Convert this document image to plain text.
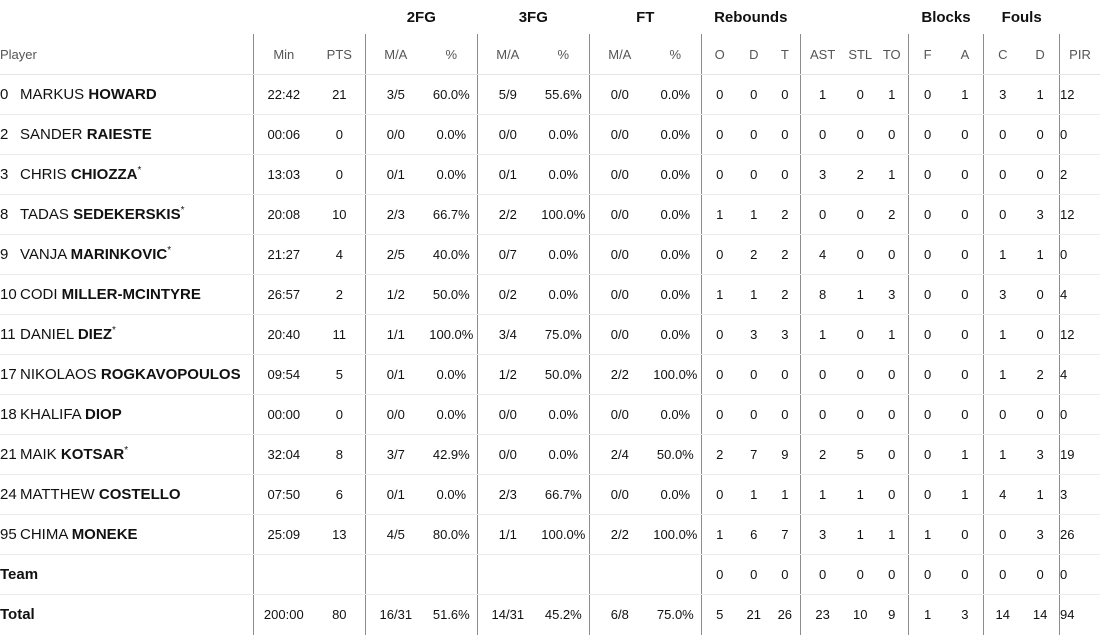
			2FG		3FG		FT		Rebounds						Blocks		Fouls		
Player	Min	PTS	M/A	%	M/A	%	M/A	%	O	D	T	AST	STL	TO	F	A	C	D	PIR
0 MARKUS HOWARD	22:42	21	3/5	60.0%	5/9	55.6%	0/0	0.0%	0	0	0	1	0	1	0	1	3	1	12
2 SANDER RAIESTE	00:06	0	0/0	0.0%	0/0	0.0%	0/0	0.0%	0	0	0	0	0	0	0	0	0	0	0
3 CHRIS CHIOZZA*	13:03	0	0/1	0.0%	0/1	0.0%	0/0	0.0%	0	0	0	3	2	1	0	0	0	0	2
8 TADAS SEDEKERSKIS*	20:08	10	2/3	66.7%	2/2	100.0%	0/0	0.0%	1	1	2	0	0	2	0	0	0	3	12
9 VANJA MARINKOVIC*	21:27	4	2/5	40.0%	0/7	0.0%	0/0	0.0%	0	2	2	4	0	0	0	0	1	1	0
10 CODI MILLER-MCINTYRE	26:57	2	1/2	50.0%	0/2	0.0%	0/0	0.0%	1	1	2	8	1	3	0	0	3	0	4
11 DANIEL DIEZ*	20:40	11	1/1	100.0%	3/4	75.0%	0/0	0.0%	0	3	3	1	0	1	0	0	1	0	12
17 NIKOLAOS ROGKAVOPOULOS	09:54	5	0/1	0.0%	1/2	50.0%	2/2	100.0%	0	0	0	0	0	0	0	0	1	2	4
18 KHALIFA DIOP	00:00	0	0/0	0.0%	0/0	0.0%	0/0	0.0%	0	0	0	0	0	0	0	0	0	0	0
21 MAIK KOTSAR*	32:04	8	3/7	42.9%	0/0	0.0%	2/4	50.0%	2	7	9	2	5	0	0	1	1	3	19
24 MATTHEW COSTELLO	07:50	6	0/1	0.0%	2/3	66.7%	0/0	0.0%	0	1	1	1	1	0	0	1	4	1	3
95 CHIMA MONEKE	25:09	13	4/5	80.0%	1/1	100.0%	2/2	100.0%	1	6	7	3	1	1	1	0	0	3	26
Team									0	0	0	0	0	0	0	0	0	0	0
Total	200:00	80	16/31	51.6%	14/31	45.2%	6/8	75.0%	5	21	26	23	10	9	1	3	14	14	94
